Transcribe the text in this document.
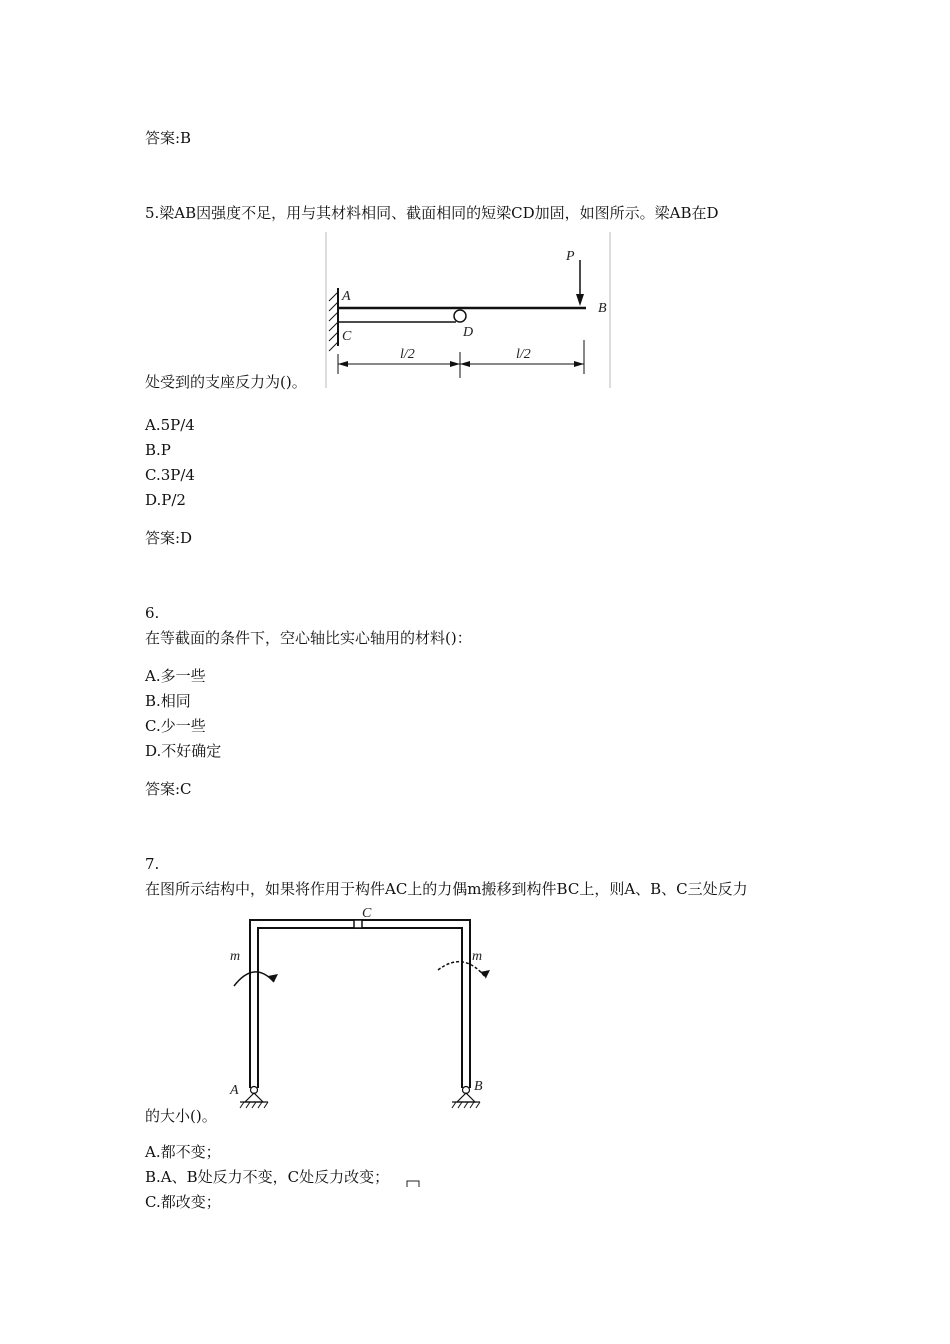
答案:B
5.梁AB因强度不足，用与其材料相同、截面相同的短梁CD加固，如图所示。梁AB在D
P
A
B
C	D
l/2	l/2
处受到的支座反力为()。
A.5P/4
B.P
C.3P/4
D.P/2
答案:D
6.
在等截面的条件下，空心轴比实心轴用的材料()：
A.多一些
B.相同
C.少一些
D.不好确定
答案:C
7.
在图所示结构中，如果将作用于构件AC上的力偶m搬移到构件BC上，则A、B、C三处反力
C
m	m
A	B
的大小()。
A.都不变；
B.A、B处反力不变，C处反力改变；
C.都改变；
